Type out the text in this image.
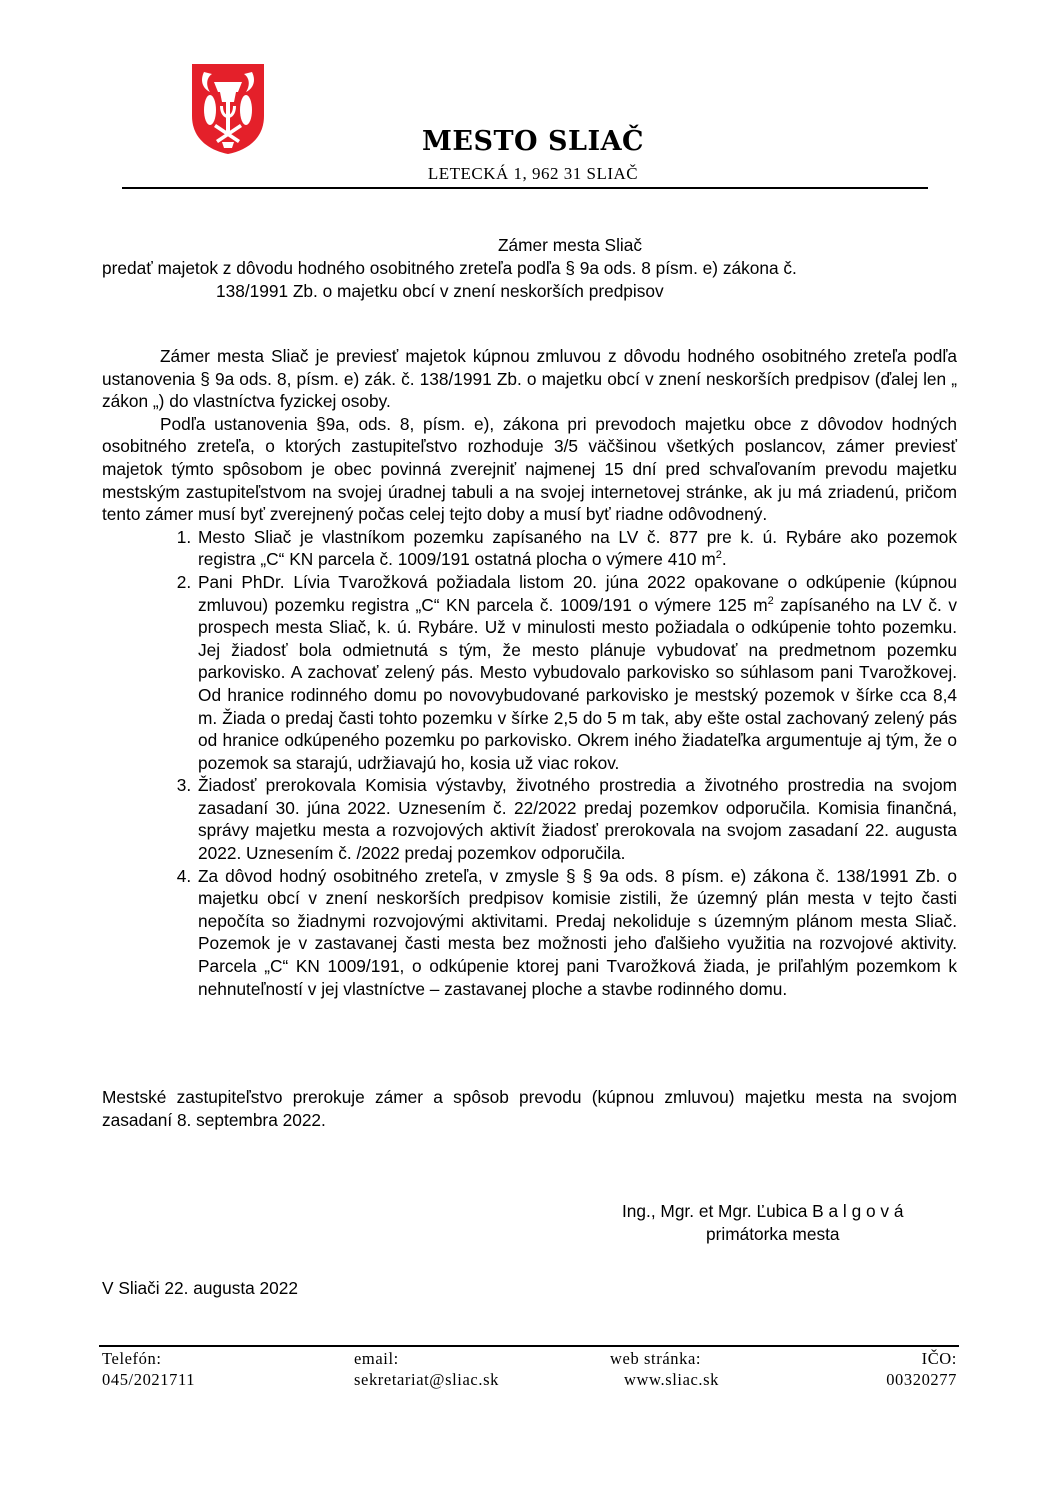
MESTO SLIAČ
LETECKÁ 1, 962 31 SLIAČ
Zámer mesta Sliač
predať majetok z dôvodu hodného osobitného zreteľa podľa § 9a ods. 8 písm. e) zákona č.
138/1991 Zb. o majetku obcí v znení neskorších predpisov

Zámer mesta Sliač je previesť majetok kúpnou zmluvou z dôvodu hodného osobitného zreteľa podľa ustanovenia § 9a ods. 8, písm. e) zák. č. 138/1991 Zb. o majetku obcí v znení neskorších predpisov (ďalej len „ zákon „) do vlastníctva fyzickej osoby.

Podľa ustanovenia §9a, ods. 8, písm. e), zákona pri prevodoch majetku obce z dôvodov hodných osobitného zreteľa, o ktorých zastupiteľstvo rozhoduje 3/5 väčšinou všetkých poslancov, zámer previesť majetok týmto spôsobom je obec povinná zverejniť najmenej 15 dní pred schvaľovaním prevodu majetku mestským zastupiteľstvom na svojej úradnej tabuli a na svojej internetovej stránke, ak ju má zriadenú, pričom tento zámer musí byť zverejnený počas celej tejto doby a musí byť riadne odôvodnený.

1. Mesto Sliač je vlastníkom pozemku zapísaného na LV č. 877 pre k. ú. Rybáre ako pozemok registra „C“ KN parcela č. 1009/191 ostatná plocha o výmere 410 $m^2$.
2. Pani PhDr. Lívia Tvarožková požiadala listom 20. júna 2022 opakovane o odkúpenie (kúpnou zmluvou) pozemku registra „C“ KN parcela č. 1009/191 o výmere 125 $m^2$ zapísaného na LV č. v prospech mesta Sliač, k. ú. Rybáre. Už v minulosti mesto požiadala o odkúpenie tohto pozemku. Jej žiadosť bola odmietnutá s tým, že mesto plánuje vybudovať na predmetnom pozemku parkovisko. A zachovať zelený pás. Mesto vybudovalo parkovisko so súhlasom pani Tvarožkovej. Od hranice rodinného domu po novovybudované parkovisko je mestský pozemok v šírke cca 8,4 m. Žiada o predaj časti tohto pozemku v šírke 2,5 do 5 m tak, aby ešte ostal zachovaný zelený pás od hranice odkúpeného pozemku po parkovisko. Okrem iného žiadateľka argumentuje aj tým, že o pozemok sa starajú, udržiavajú ho, kosia už viac rokov.
3. Žiadosť prerokovala Komisia výstavby, životného prostredia a životného prostredia na svojom zasadaní 30. júna 2022. Uznesením č. 22/2022 predaj pozemkov odporučila. Komisia finančná, správy majetku mesta a rozvojových aktivít žiadosť prerokovala na svojom zasadaní 22. augusta 2022. Uznesením č. /2022 predaj pozemkov odporučila.
4. Za dôvod hodný osobitného zreteľa, v zmysle § § 9a ods. 8 písm. e) zákona č. 138/1991 Zb. o majetku obcí v znení neskorších predpisov komisie zistili, že územný plán mesta v tejto časti nepočíta so žiadnymi rozvojovými aktivitami. Predaj nekoliduje s územným plánom mesta Sliač. Pozemok je v zastavanej časti mesta bez možnosti jeho ďalšieho využitia na rozvojové aktivity. Parcela „C“ KN 1009/191, o odkúpenie ktorej pani Tvarožková žiada, je priľahlým pozemkom k nehnuteľností v jej vlastníctve – zastavanej ploche a stavbe rodinného domu.
Mestské zastupiteľstvo prerokuje zámer a spôsob prevodu (kúpnou zmluvou) majetku mesta na svojom zasadaní 8. septembra 2022.
Ing., Mgr. et Mgr. Ľubica B a l g o v á
primátorka mesta
V Sliači 22. augusta 2022
Telefón:
045/2021711
email:
sekretariat@sliac.sk
web stránka:
www.sliac.sk
IČO:
00320277
